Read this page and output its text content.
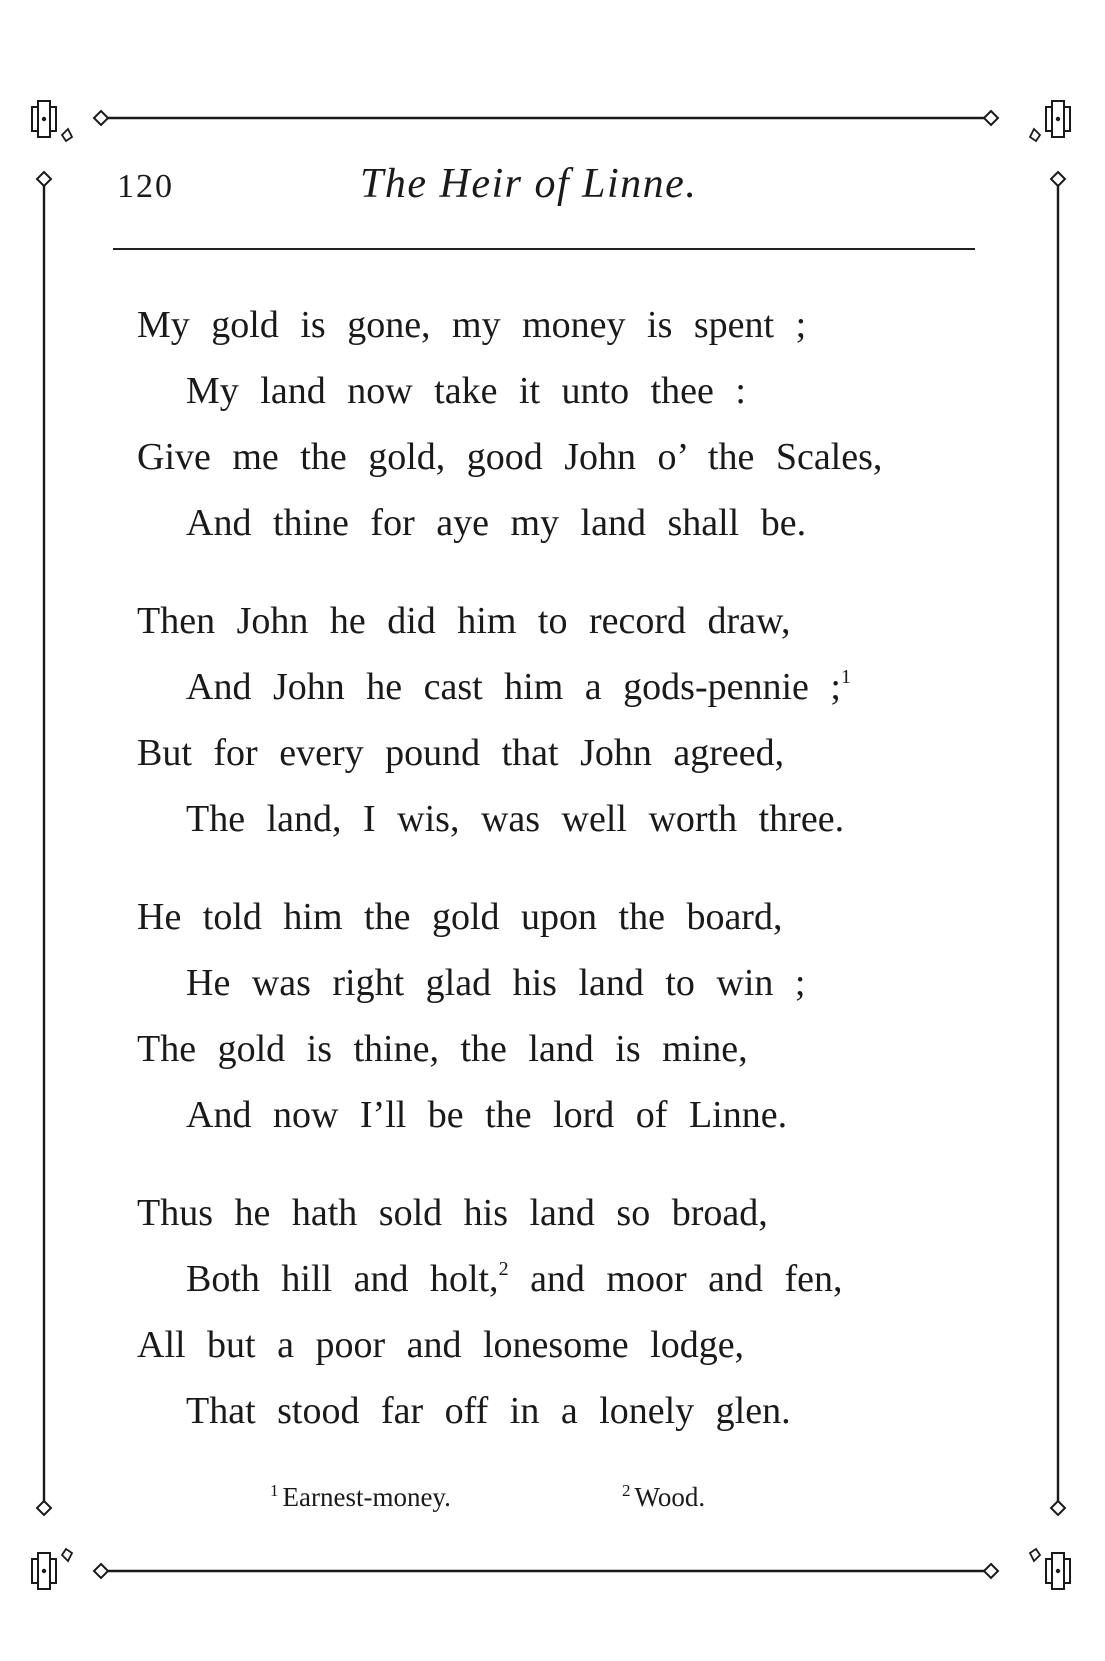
120	The Heir of Linne.
My gold is gone, my money is spent ;
My land now take it unto thee :
Give me the gold, good John o’ the Scales,
And thine for aye my land shall be.
Then John he did him to record draw,
And John he cast him a gods-pennie ;$^1$
But for every pound that John agreed,
The land, I wis, was well worth three.
He told him the gold upon the board,
He was right glad his land to win ;
The gold is thine, the land is mine,
And now I’ll be the lord of Linne.
Thus he hath sold his land so broad,
Both hill and holt,$^2$ and moor and fen,
All but a poor and lonesome lodge,
That stood far off in a lonely glen.
$^1$ Earnest-money.	$^2$ Wood.
